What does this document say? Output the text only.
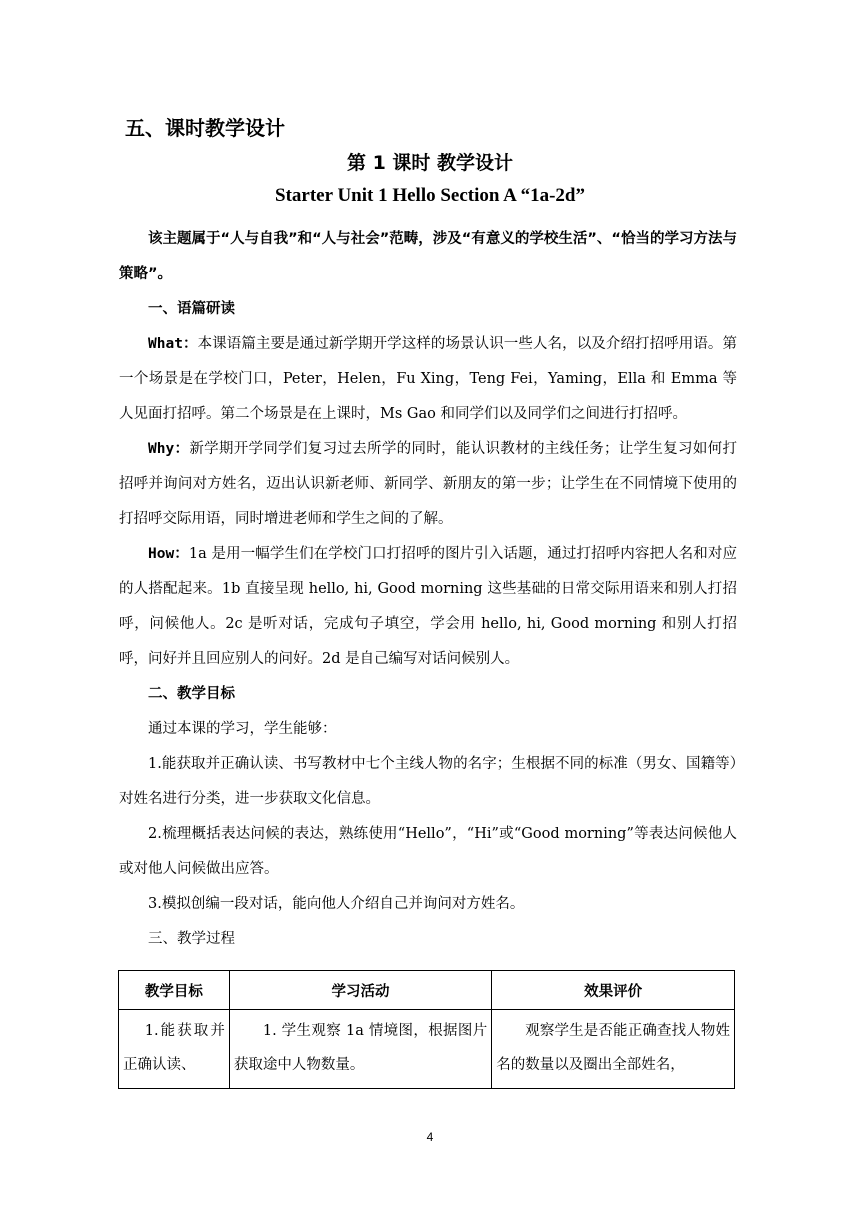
五、课时教学设计
第 1 课时 教学设计
Starter Unit 1 Hello Section A “1a-2d”

该主题属于“人与自我”和“人与社会”范畴，涉及“有意义的学校生活”、“恰当的学习方法与策略”。

一、语篇研读

What：本课语篇主要是通过新学期开学这样的场景认识一些人名，以及介绍打招呼用语。第一个场景是在学校门口，Peter，Helen，Fu Xing，Teng Fei，Yaming，Ella 和 Emma 等人见面打招呼。第二个场景是在上课时，Ms Gao 和同学们以及同学们之间进行打招呼。

Why：新学期开学同学们复习过去所学的同时，能认识教材的主线任务；让学生复习如何打招呼并询问对方姓名，迈出认识新老师、新同学、新朋友的第一步；让学生在不同情境下使用的打招呼交际用语，同时增进老师和学生之间的了解。

How：1a 是用一幅学生们在学校门口打招呼的图片引入话题，通过打招呼内容把人名和对应的人搭配起来。1b 直接呈现 hello, hi, Good morning 这些基础的日常交际用语来和别人打招呼，问候他人。2c 是听对话，完成句子填空，学会用 hello, hi, Good morning 和别人打招呼，问好并且回应别人的问好。2d 是自己编写对话问候别人。

二、教学目标

通过本课的学习，学生能够：

1.能获取并正确认读、书写教材中七个主线人物的名字；生根据不同的标准（男女、国籍等）对姓名进行分类，进一步获取文化信息。

2.梳理概括表达问候的表达，熟练使用“Hello”，“Hi”或“Good morning”等表达问候他人或对他人问候做出应答。

3.模拟创编一段对话，能向他人介绍自己并询问对方姓名。

三、教学过程

教学目标	学习活动	效果评价
1.能获取并正确认读、	1. 学生观察 1a 情境图，根据图片获取途中人物数量。	观察学生是否能正确查找人物姓名的数量以及圈出全部姓名，
4
